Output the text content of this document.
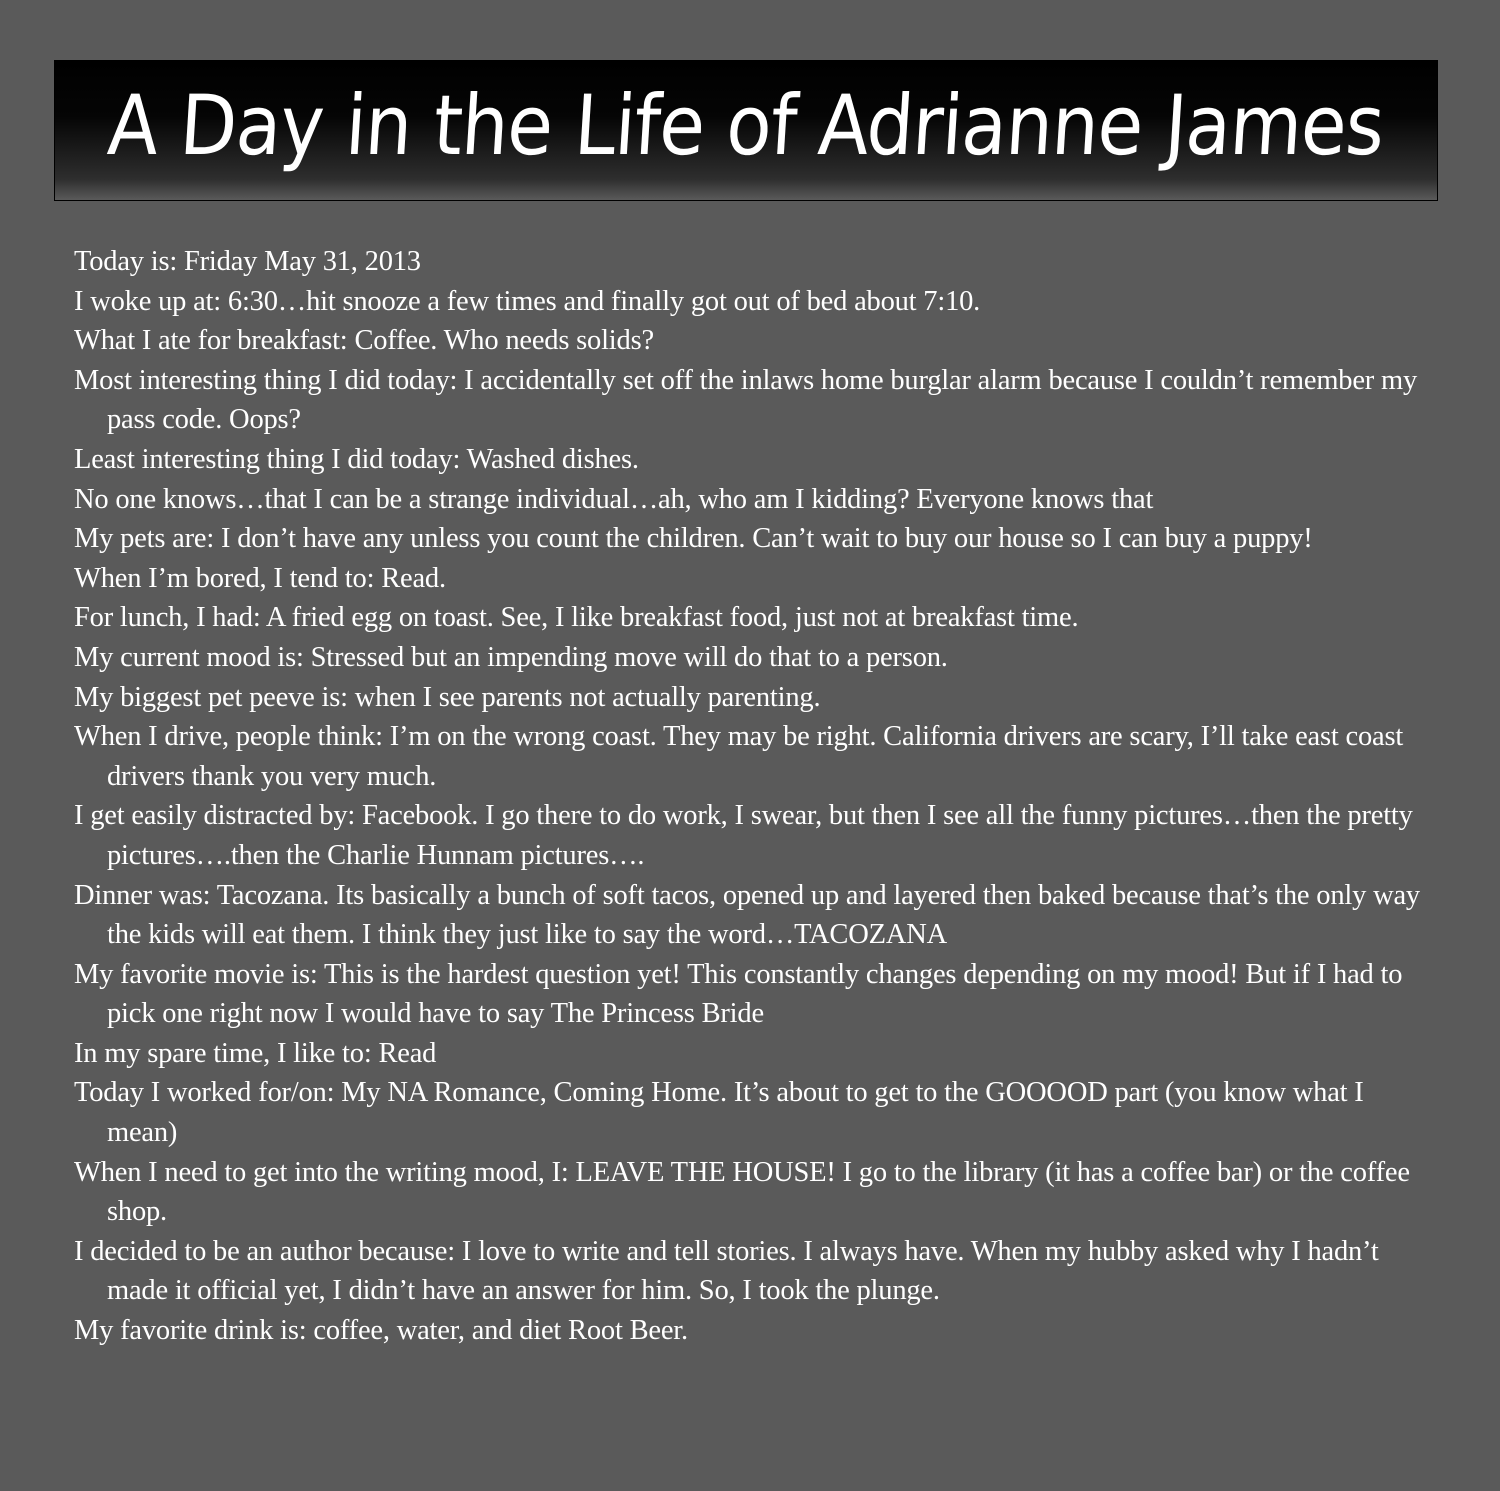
A Day in the Life of Adrianne James
Today is: Friday May 31, 2013
I woke up at: 6:30…hit snooze a few times and finally got out of bed about 7:10.
What I ate for breakfast: Coffee. Who needs solids?
Most interesting thing I did today: I accidentally set off the inlaws home burglar alarm because I couldn’t remember my pass code. Oops?
Least interesting thing I did today: Washed dishes.
No one knows…that I can be a strange individual…ah, who am I kidding? Everyone knows that
My pets are: I don’t have any unless you count the children. Can’t wait to buy our house so I can buy a puppy!
When I’m bored, I tend to: Read.
For lunch, I had: A fried egg on toast. See, I like breakfast food, just not at breakfast time.
My current mood is: Stressed but an impending move will do that to a person.
My biggest pet peeve is: when I see parents not actually parenting.
When I drive, people think: I’m on the wrong coast. They may be right. California drivers are scary, I’ll take east coast drivers thank you very much.
I get easily distracted by: Facebook. I go there to do work, I swear, but then I see all the funny pictures…then the pretty pictures….then the Charlie Hunnam pictures….
Dinner was: Tacozana. Its basically a bunch of soft tacos, opened up and layered then baked because that’s the only way the kids will eat them. I think they just like to say the word…TACOZANA
My favorite movie is: This is the hardest question yet! This constantly changes depending on my mood! But if I had to pick one right now I would have to say The Princess Bride
In my spare time, I like to: Read
Today I worked for/on: My NA Romance, Coming Home. It’s about to get to the GOOOOD part (you know what I mean)
When I need to get into the writing mood, I: LEAVE THE HOUSE! I go to the library (it has a coffee bar) or the coffee shop.
I decided to be an author because: I love to write and tell stories. I always have. When my hubby asked why I hadn’t made it official yet, I didn’t have an answer for him. So, I took the plunge.
My favorite drink is: coffee, water, and diet Root Beer.
